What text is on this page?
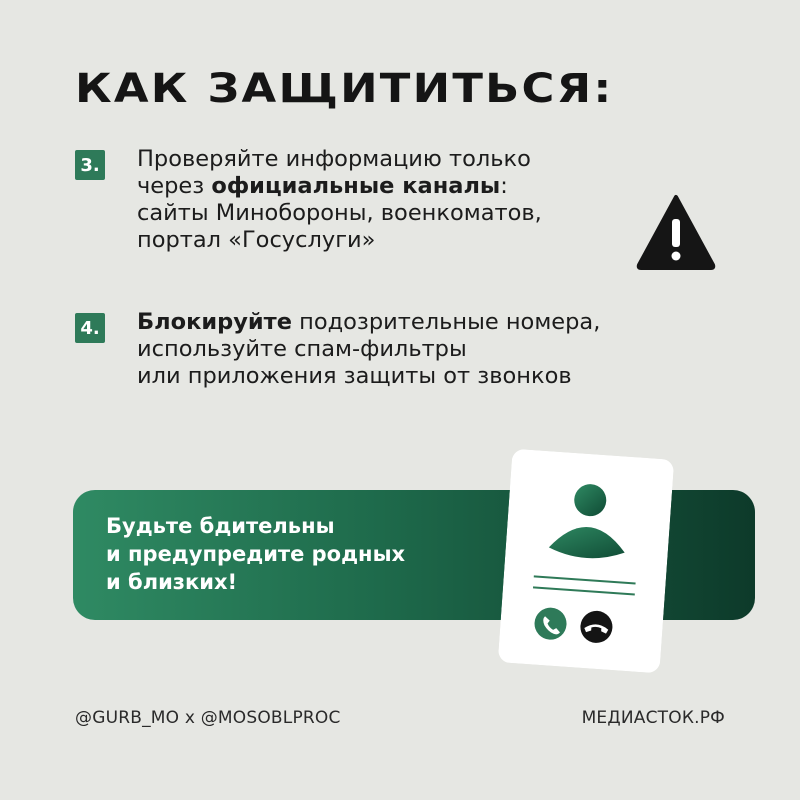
КАК ЗАЩИТИТЬСЯ:
3. Проверяйте информацию только
через официальные каналы:
сайты Минобороны, военкоматов,
портал «Госуслуги»
4. Блокируйте подозрительные номера,
используйте спам-фильтры
или приложения защиты от звонков
Будьте бдительны
и предупредите родных
и близких!
@GURB_MO x @MOSOBLPROC	МЕДИАСТОК.РФ
